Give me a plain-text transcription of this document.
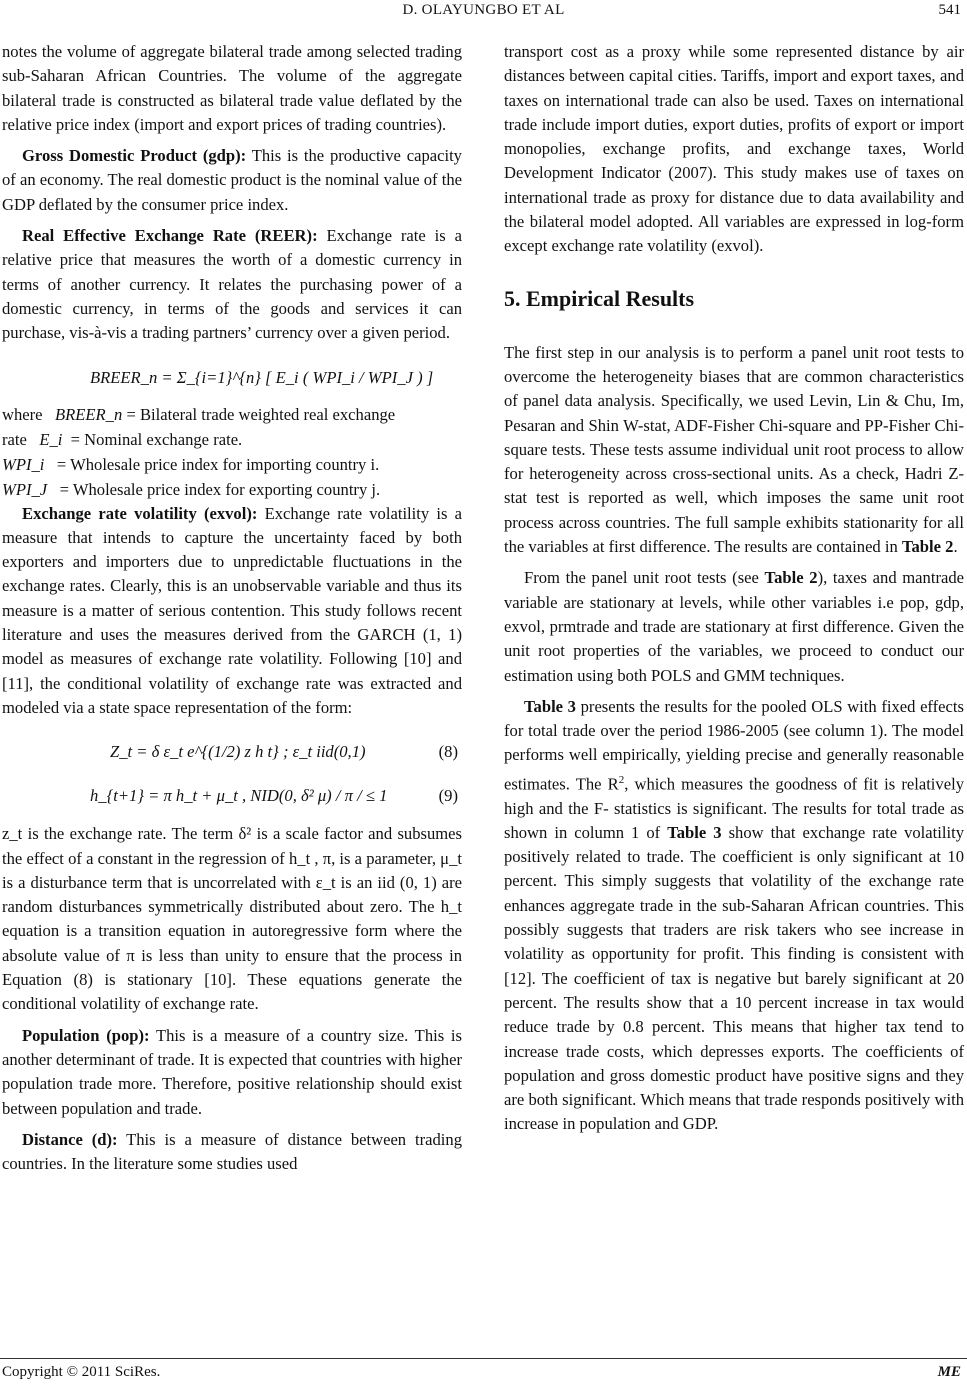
D. OLAYUNGBO ET AL	541

notes the volume of aggregate bilateral trade among selected trading sub-Saharan African Countries. The volume of the aggregate bilateral trade is constructed as bilateral trade value deflated by the relative price index (import and export prices of trading countries).

Gross Domestic Product (gdp): This is the productive capacity of an economy. The real domestic product is the nominal value of the GDP deflated by the consumer price index.

Real Effective Exchange Rate (REER): Exchange rate is a relative price that measures the worth of a domestic currency in terms of another currency. It relates the purchasing power of a domestic currency, in terms of the goods and services it can purchase, vis-à-vis a trading partners’ currency over a given period.

BREER_n = Σ_{i=1}^{n} [ E_i ( WPI_i / WPI_J ) ]

where BREER_n = Bilateral trade weighted real exchange

rate E_i = Nominal exchange rate.

WPI_i = Wholesale price index for importing country i.

WPI_J = Wholesale price index for exporting country j.

Exchange rate volatility (exvol): Exchange rate volatility is a measure that intends to capture the uncertainty faced by both exporters and importers due to unpredictable fluctuations in the exchange rates. Clearly, this is an unobservable variable and thus its measure is a matter of serious contention. This study follows recent literature and uses the measures derived from the GARCH (1, 1) model as measures of exchange rate volatility. Following [10] and [11], the conditional volatility of exchange rate was extracted and modeled via a state space representation of the form:

Z_t = δ ε_t e^{(1/2) z h t} ; ε_t iid(0,1)	(8)
h_{t+1} = π h_t + μ_t , NID(0, δ² μ) / π / ≤ 1	(9)

z_t is the exchange rate. The term δ² is a scale factor and subsumes the effect of a constant in the regression of h_t , π, is a parameter, μ_t is a disturbance term that is uncorrelated with ε_t is an iid (0, 1) are random disturbances symmetrically distributed about zero. The h_t equation is a transition equation in autoregressive form where the absolute value of π is less than unity to ensure that the process in Equation (8) is stationary [10]. These equations generate the conditional volatility of exchange rate.

Population (pop): This is a measure of a country size. This is another determinant of trade. It is expected that countries with higher population trade more. Therefore, positive relationship should exist between population and trade.

Distance (d): This is a measure of distance between trading countries. In the literature some studies used

transport cost as a proxy while some represented distance by air distances between capital cities. Tariffs, import and export taxes, and taxes on international trade can also be used. Taxes on international trade include import duties, export duties, profits of export or import monopolies, exchange profits, and exchange taxes, World Development Indicator (2007). This study makes use of taxes on international trade as proxy for distance due to data availability and the bilateral model adopted. All variables are expressed in log-form except exchange rate volatility (exvol).

5. Empirical Results

The first step in our analysis is to perform a panel unit root tests to overcome the heterogeneity biases that are common characteristics of panel data analysis. Specifically, we used Levin, Lin & Chu, Im, Pesaran and Shin W-stat, ADF-Fisher Chi-square and PP-Fisher Chi-square tests. These tests assume individual unit root process to allow for heterogeneity across cross-sectional units. As a check, Hadri Z-stat test is reported as well, which imposes the same unit root process across countries. The full sample exhibits stationarity for all the variables at first difference. The results are contained in Table 2.

From the panel unit root tests (see Table 2), taxes and mantrade variable are stationary at levels, while other variables i.e pop, gdp, exvol, prmtrade and trade are stationary at first difference. Given the unit root properties of the variables, we proceed to conduct our estimation using both POLS and GMM techniques.

Table 3 presents the results for the pooled OLS with fixed effects for total trade over the period 1986-2005 (see column 1). The model performs well empirically, yielding precise and generally reasonable estimates. The $R^2$, which measures the goodness of fit is relatively high and the F- statistics is significant. The results for total trade as shown in column 1 of Table 3 show that exchange rate volatility positively related to trade. The coefficient is only significant at 10 percent. This simply suggests that volatility of the exchange rate enhances aggregate trade in the sub-Saharan African countries. This possibly suggests that traders are risk takers who see increase in volatility as opportunity for profit. This finding is consistent with [12]. The coefficient of tax is negative but barely significant at 20 percent. The results show that a 10 percent increase in tax would reduce trade by 0.8 percent. This means that higher tax tend to increase trade costs, which depresses exports. The coefficients of population and gross domestic product have positive signs and they are both significant. Which means that trade responds positively with increase in population and GDP.

Copyright © 2011 SciRes.	ME
